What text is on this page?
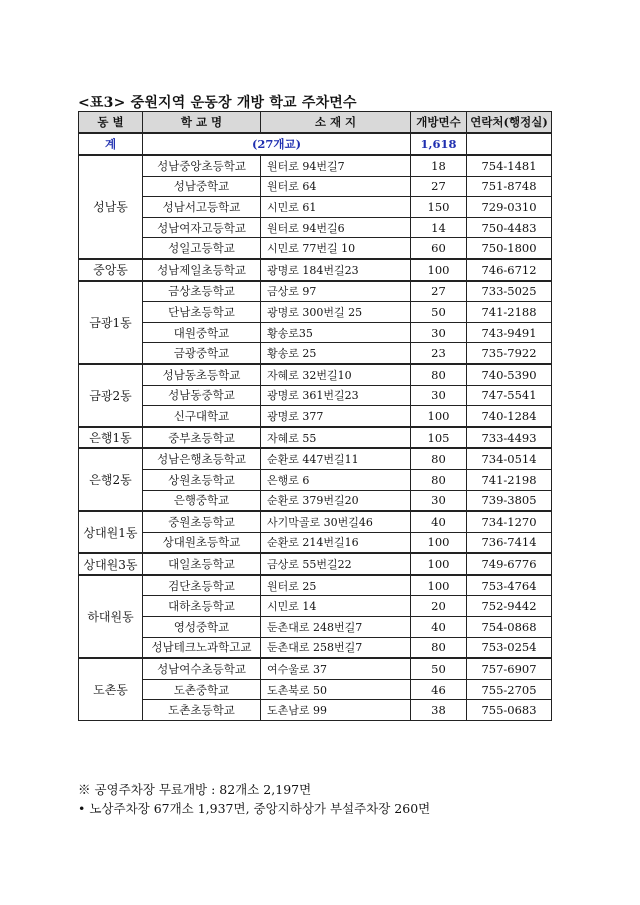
<표3> 중원지역 운동장 개방 학교 주차면수
동 별	학 교 명	소 재 지	개방면수	연락처(행정실)
계	(27개교)		1,618	
성남동	성남중앙초등학교	원터로 94번길7	18	754-1481
	성남중학교	원터로 64	27	751-8748
	성남서고등학교	시민로 61	150	729-0310
	성남여자고등학교	원터로 94번길6	14	750-4483
	성일고등학교	시민로 77번길 10	60	750-1800
중앙동	성남제일초등학교	광명로 184번길23	100	746-6712
금광1동	금상초등학교	금상로 97	27	733-5025
	단남초등학교	광명로 300번길 25	50	741-2188
	대원중학교	황송로35	30	743-9491
	금광중학교	황송로 25	23	735-7922
금광2동	성남동초등학교	자혜로 32번길10	80	740-5390
	성남동중학교	광명로 361번길23	30	747-5541
	신구대학교	광명로 377	100	740-1284
은행1동	중부초등학교	자혜로 55	105	733-4493
은행2동	성남은행초등학교	순환로 447번길11	80	734-0514
	상원초등학교	은행로 6	80	741-2198
	은행중학교	순환로 379번길20	30	739-3805
상대원1동	중원초등학교	사기막골로 30번길46	40	734-1270
	상대원초등학교	순환로 214번길16	100	736-7414
상대원3동	대일초등학교	금상로 55번길22	100	749-6776
하대원동	검단초등학교	원터로 25	100	753-4764
	대하초등학교	시민로 14	20	752-9442
	영성중학교	둔촌대로 248번길7	40	754-0868
	성남테크노과학고교	둔촌대로 258번길7	80	753-0254
도촌동	성남여수초등학교	여수울로 37	50	757-6907
	도촌중학교	도촌북로 50	46	755-2705
	도촌초등학교	도촌남로 99	38	755-0683
※ 공영주차장 무료개방 : 82개소 2,197면
• 노상주차장 67개소 1,937면, 중앙지하상가 부설주차장 260면
